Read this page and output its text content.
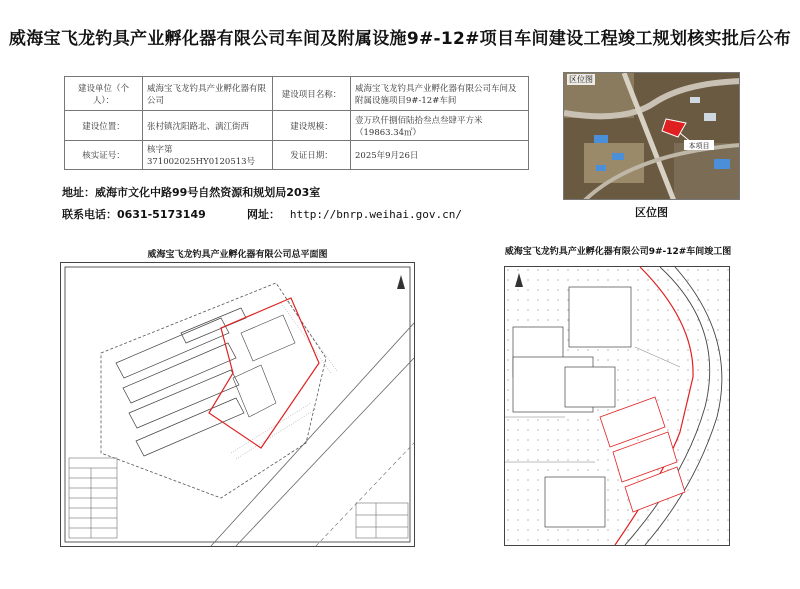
威海宝飞龙钓具产业孵化器有限公司车间及附属设施9#-12#项目车间建设工程竣工规划核实批后公布
建设单位（个人）：	威海宝飞龙钓具产业孵化器有限公司	建设项目名称：	威海宝飞龙钓具产业孵化器有限公司车间及附属设施项目9#-12#车间
建设位置：	张村镇沈阳路北、漓江街西	建设规模：	壹万玖仟捌佰陆拾叁点叁肆平方米（19863.34㎡）
核实证号：	核字第371002025HY0120513号	发证日期：	2025年9月26日
地址：威海市文化中路99号自然资源和规划局203室
联系电话：0631-5173149	网址： http://bnrp.weihai.gov.cn/
本项目
区位图
区位图
威海宝飞龙钓具产业孵化器有限公司总平面图	威海宝飞龙钓具产业孵化器有限公司9#-12#车间竣工图
